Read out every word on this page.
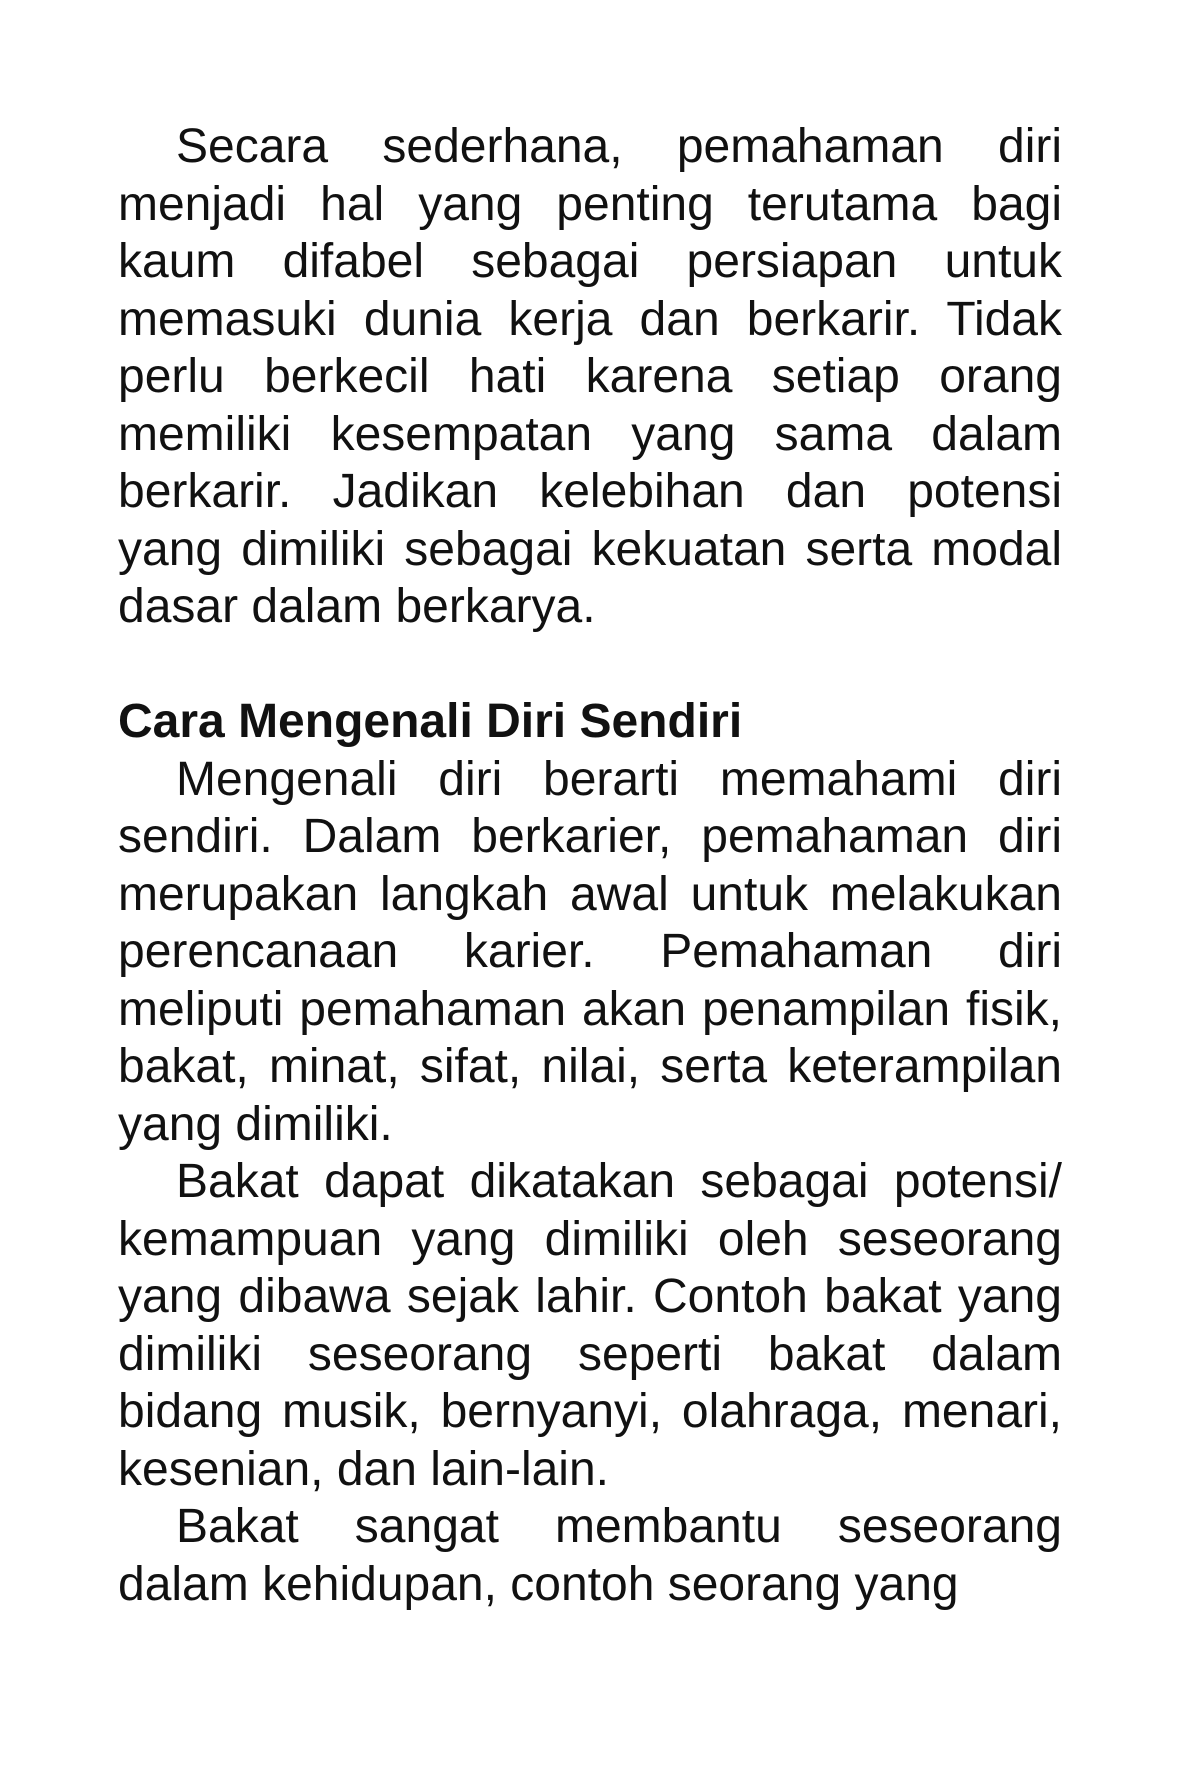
Secara sederhana, pemahaman diri menjadi hal yang penting terutama bagi kaum difabel sebagai persiapan untuk memasuki dunia kerja dan berkarir. Tidak perlu berkecil hati karena setiap orang memiliki kesempatan yang sama dalam berkarir. Jadikan kelebihan dan potensi yang dimiliki sebagai kekuatan serta modal dasar dalam berkarya.

Cara Mengenali Diri Sendiri

Mengenali diri berarti memahami diri sendiri. Dalam berkarier, pemahaman diri merupakan langkah awal untuk melakukan perencanaan karier. Pemahaman diri meliputi pemahaman akan penampilan fisik, bakat, minat, sifat, nilai, serta keterampilan yang dimiliki.

Bakat dapat dikatakan sebagai potensi/ kemampuan yang dimiliki oleh seseorang yang dibawa sejak lahir. Contoh bakat yang dimiliki seseorang seperti bakat dalam bidang musik, bernyanyi, olahraga, menari, kesenian, dan lain-lain.

Bakat sangat membantu seseorang dalam kehidupan, contoh seorang yang
